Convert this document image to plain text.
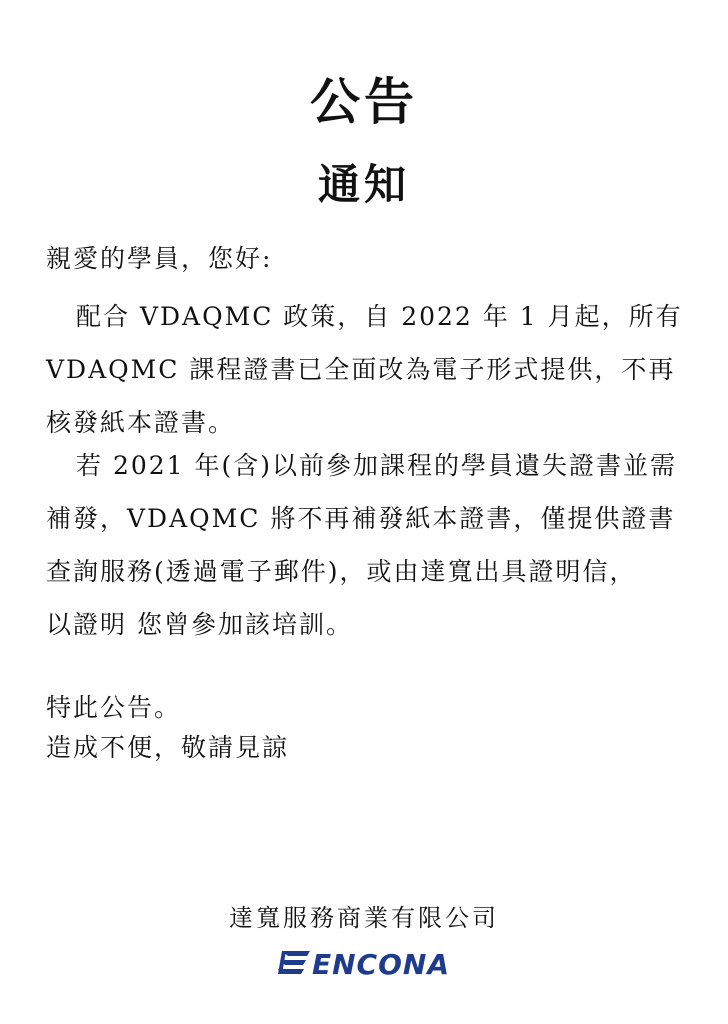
公告
通知
親愛的學員，您好:
配合 VDAQMC 政策，自 2022 年 1 月起，所有
VDAQMC 課程證書已全面改為電子形式提供，不再
核發紙本證書。
若 2021 年(含)以前參加課程的學員遺失證書並需
補發，VDAQMC 將不再補發紙本證書，僅提供證書
查詢服務(透過電子郵件)，或由達寬出具證明信，
以證明 您曾參加該培訓。
特此公告。
造成不便，敬請見諒
達寬服務商業有限公司
ENCONA
